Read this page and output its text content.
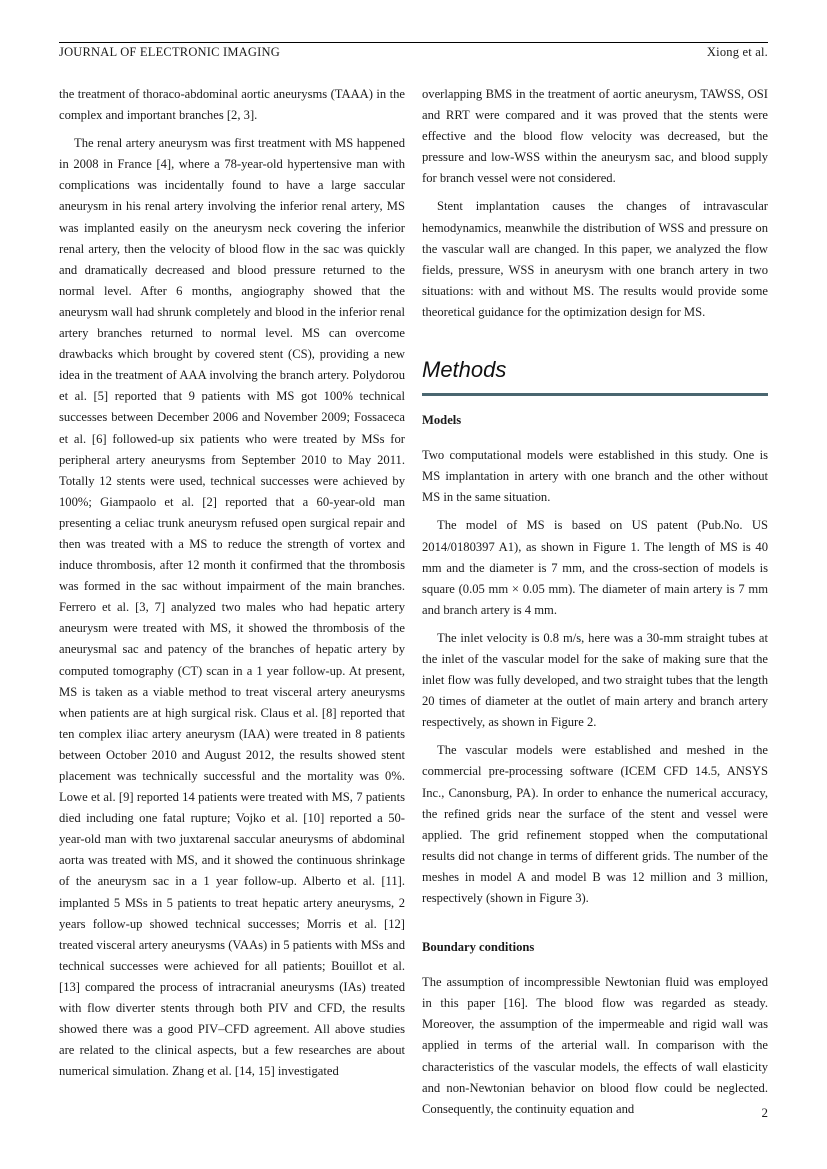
JOURNAL OF ELECTRONIC IMAGING	Xiong et al.

the treatment of thoraco-abdominal aortic aneurysms (TAAA) in the complex and important branches [2, 3].

The renal artery aneurysm was first treatment with MS happened in 2008 in France [4], where a 78-year-old hypertensive man with complications was incidentally found to have a large saccular aneurysm in his renal artery involving the inferior renal artery, MS was implanted easily on the aneurysm neck covering the inferior renal artery, then the velocity of blood flow in the sac was quickly and dramatically decreased and blood pressure returned to the normal level. After 6 months, angiography showed that the aneurysm wall had shrunk completely and blood in the inferior renal artery branches returned to normal level. MS can overcome drawbacks which brought by covered stent (CS), providing a new idea in the treatment of AAA involving the branch artery. Polydorou et al. [5] reported that 9 patients with MS got 100% technical successes between December 2006 and November 2009; Fossaceca et al. [6] followed-up six patients who were treated by MSs for peripheral artery aneurysms from September 2010 to May 2011. Totally 12 stents were used, technical successes were achieved by 100%; Giampaolo et al. [2] reported that a 60-year-old man presenting a celiac trunk aneurysm refused open surgical repair and then was treated with a MS to reduce the strength of vortex and induce thrombosis, after 12 month it confirmed that the thrombosis was formed in the sac without impairment of the main branches. Ferrero et al. [3, 7] analyzed two males who had hepatic artery aneurysm were treated with MS, it showed the thrombosis of the aneurysmal sac and patency of the branches of hepatic artery by computed tomography (CT) scan in a 1 year follow-up. At present, MS is taken as a viable method to treat visceral artery aneurysms when patients are at high surgical risk. Claus et al. [8] reported that ten complex iliac artery aneurysm (IAA) were treated in 8 patients between October 2010 and August 2012, the results showed stent placement was technically successful and the mortality was 0%. Lowe et al. [9] reported 14 patients were treated with MS, 7 patients died including one fatal rupture; Vojko et al. [10] reported a 50-year-old man with two juxtarenal saccular aneurysms of abdominal aorta was treated with MS, and it showed the continuous shrinkage of the aneurysm sac in a 1 year follow-up. Alberto et al. [11]. implanted 5 MSs in 5 patients to treat hepatic artery aneurysms, 2 years follow-up showed technical successes; Morris et al. [12] treated visceral artery aneurysms (VAAs) in 5 patients with MSs and technical successes were achieved for all patients; Bouillot et al. [13] compared the process of intracranial aneurysms (IAs) treated with flow diverter stents through both PIV and CFD, the results showed there was a good PIV–CFD agreement. All above studies are related to the clinical aspects, but a few researches are about numerical simulation. Zhang et al. [14, 15] investigated

overlapping BMS in the treatment of aortic aneurysm, TAWSS, OSI and RRT were compared and it was proved that the stents were effective and the blood flow velocity was decreased, but the pressure and low-WSS within the aneurysm sac, and blood supply for branch vessel were not considered.

Stent implantation causes the changes of intravascular hemodynamics, meanwhile the distribution of WSS and pressure on the vascular wall are changed. In this paper, we analyzed the flow fields, pressure, WSS in aneurysm with one branch artery in two situations: with and without MS. The results would provide some theoretical guidance for the optimization design for MS.

Methods
Models

Two computational models were established in this study. One is MS implantation in artery with one branch and the other without MS in the same situation.

The model of MS is based on US patent (Pub.No. US 2014/0180397 A1), as shown in Figure 1. The length of MS is 40 mm and the diameter is 7 mm, and the cross-section of models is square (0.05 mm × 0.05 mm). The diameter of main artery is 7 mm and branch artery is 4 mm.

The inlet velocity is 0.8 m/s, here was a 30-mm straight tubes at the inlet of the vascular model for the sake of making sure that the inlet flow was fully developed, and two straight tubes that the length 20 times of diameter at the outlet of main artery and branch artery respectively, as shown in Figure 2.

The vascular models were established and meshed in the commercial pre-processing software (ICEM CFD 14.5, ANSYS Inc., Canonsburg, PA). In order to enhance the numerical accuracy, the refined grids near the surface of the stent and vessel were applied. The grid refinement stopped when the computational results did not change in terms of different grids. The number of the meshes in model A and model B was 12 million and 3 million, respectively (shown in Figure 3).

Boundary conditions

The assumption of incompressible Newtonian fluid was employed in this paper [16]. The blood flow was regarded as steady. Moreover, the assumption of the impermeable and rigid wall was applied in terms of the arterial wall. In comparison with the characteristics of the vascular models, the effects of wall elasticity and non-Newtonian behavior on blood flow could be neglected. Consequently, the continuity equation and	2
